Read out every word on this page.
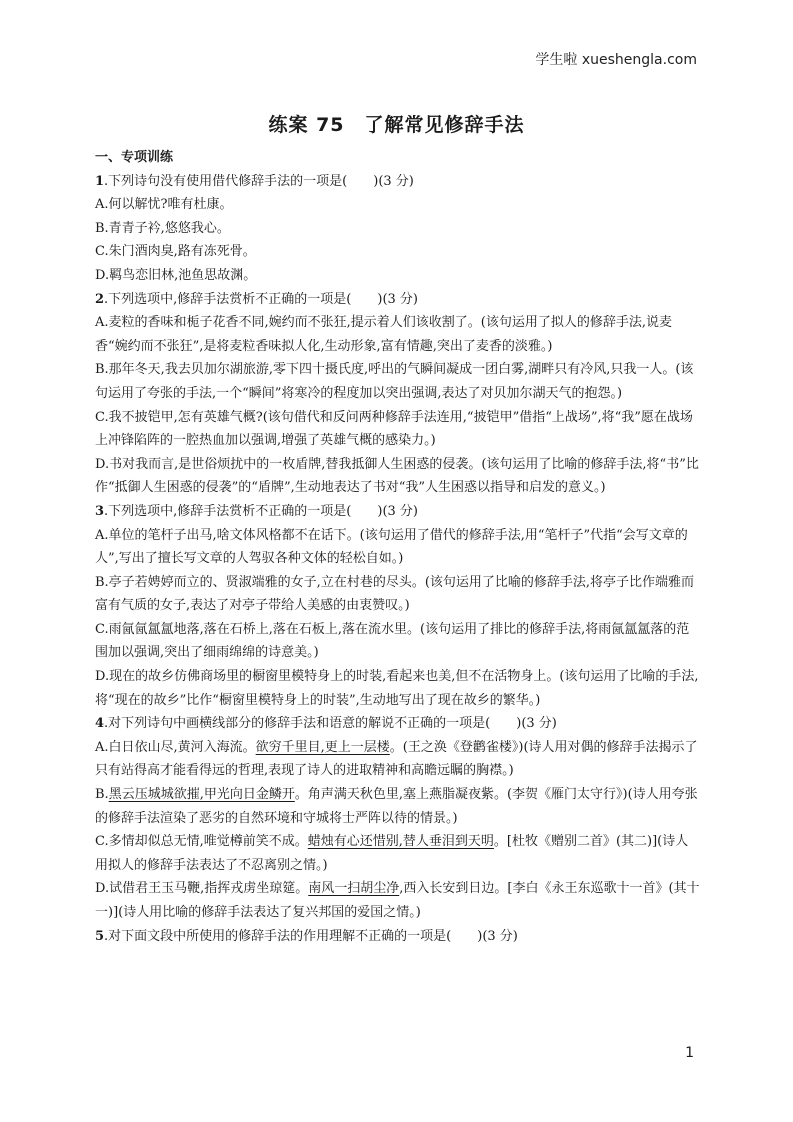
学生啦 xueshengla.com
练案 75　了解常见修辞手法

一、专项训练

1.下列诗句没有使用借代修辞手法的一项是(　　)(3 分)

A.何以解忧?唯有杜康。

B.青青子衿,悠悠我心。

C.朱门酒肉臭,路有冻死骨。

D.羁鸟恋旧林,池鱼思故渊。

2.下列选项中,修辞手法赏析不正确的一项是(　　)(3 分)

A.麦粒的香味和栀子花香不同,婉约而不张狂,提示着人们该收割了。(该句运用了拟人的修辞手法,说麦香“婉约而不张狂”,是将麦粒香味拟人化,生动形象,富有情趣,突出了麦香的淡雅。)

B.那年冬天,我去贝加尔湖旅游,零下四十摄氏度,呼出的气瞬间凝成一团白雾,湖畔只有冷风,只我一人。(该句运用了夸张的手法,一个“瞬间”将寒冷的程度加以突出强调,表达了对贝加尔湖天气的抱怨。)

C.我不披铠甲,怎有英雄气概?(该句借代和反问两种修辞手法连用,“披铠甲”借指“上战场”,将“我”愿在战场上冲锋陷阵的一腔热血加以强调,增强了英雄气概的感染力。)

D.书对我而言,是世俗烦扰中的一枚盾牌,替我抵御人生困惑的侵袭。(该句运用了比喻的修辞手法,将“书”比作“抵御人生困惑的侵袭”的“盾牌”,生动地表达了书对“我”人生困惑以指导和启发的意义。)

3.下列选项中,修辞手法赏析不正确的一项是(　　)(3 分)

A.单位的笔杆子出马,啥文体风格都不在话下。(该句运用了借代的修辞手法,用“笔杆子”代指“会写文章的人”,写出了擅长写文章的人驾驭各种文体的轻松自如。)

B.亭子若娉婷而立的、贤淑端雅的女子,立在村巷的尽头。(该句运用了比喻的修辞手法,将亭子比作端雅而富有气质的女子,表达了对亭子带给人美感的由衷赞叹。)

C.雨氤氤氲氲地落,落在石桥上,落在石板上,落在流水里。(该句运用了排比的修辞手法,将雨氤氲氲落的范围加以强调,突出了细雨绵绵的诗意美。)

D.现在的故乡仿佛商场里的橱窗里模特身上的时装,看起来也美,但不在活物身上。(该句运用了比喻的手法,将“现在的故乡”比作“橱窗里模特身上的时装”,生动地写出了现在故乡的繁华。)

4.对下列诗句中画横线部分的修辞手法和语意的解说不正确的一项是(　　)(3 分)

A.白日依山尽,黄河入海流。欲穷千里目,更上一层楼。(王之涣《登鹳雀楼》)(诗人用对偶的修辞手法揭示了只有站得高才能看得远的哲理,表现了诗人的进取精神和高瞻远瞩的胸襟。)

B.黑云压城城欲摧,甲光向日金鳞开。角声满天秋色里,塞上燕脂凝夜紫。(李贺《雁门太守行》)(诗人用夸张的修辞手法渲染了恶劣的自然环境和守城将士严阵以待的情景。)

C.多情却似总无情,唯觉樽前笑不成。蜡烛有心还惜别,替人垂泪到天明。[杜牧《赠别二首》(其二)](诗人用拟人的修辞手法表达了不忍离别之情。)

D.试借君王玉马鞭,指挥戎虏坐琼筵。南风一扫胡尘净,西入长安到日边。[李白《永王东巡歌十一首》(其十一)](诗人用比喻的修辞手法表达了复兴邦国的爱国之情。)

5.对下面文段中所使用的修辞手法的作用理解不正确的一项是(　　)(3 分)

1
